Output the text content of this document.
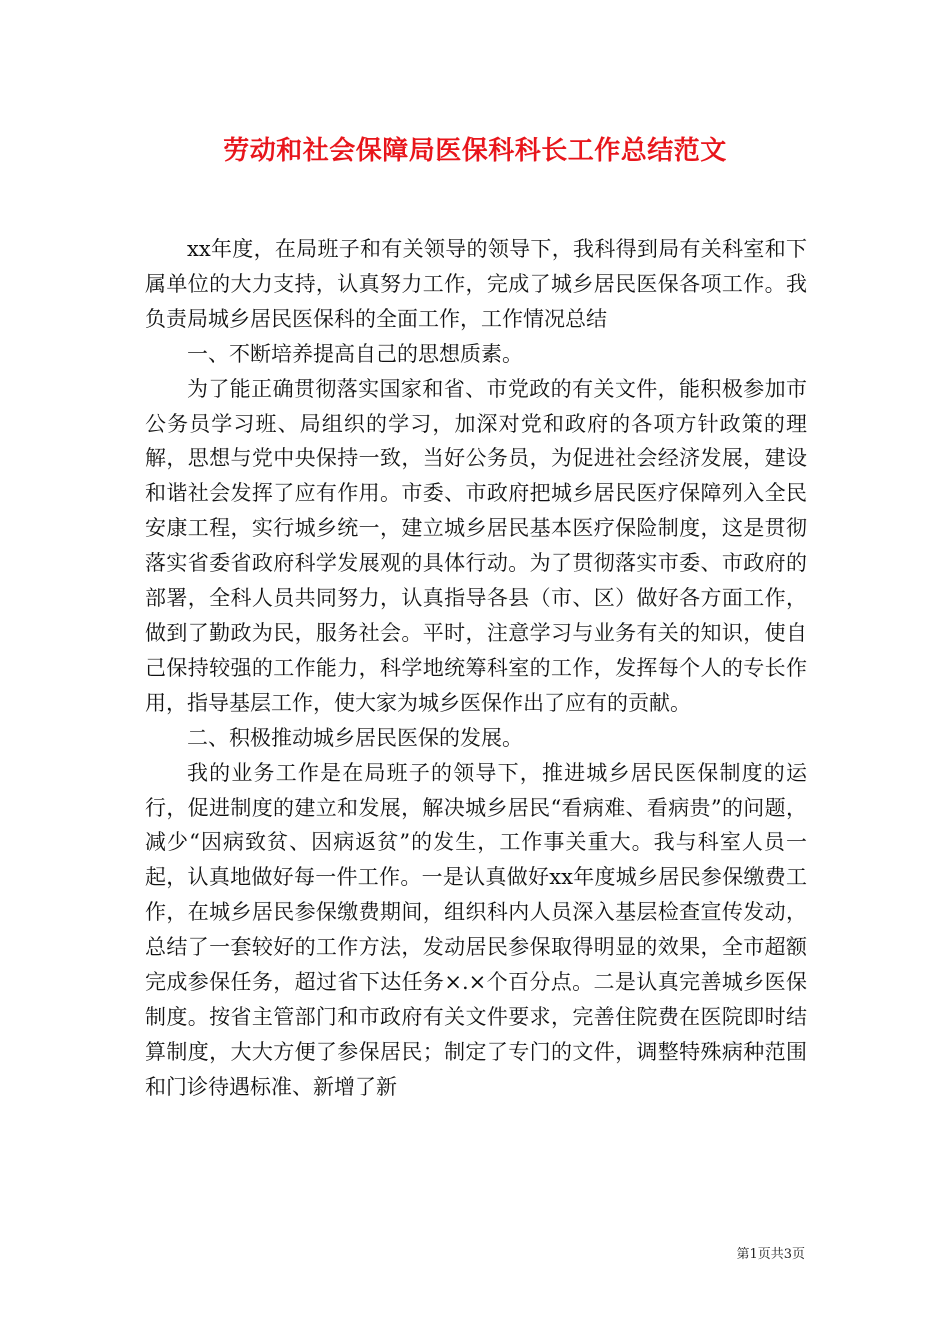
劳动和社会保障局医保科科长工作总结范文

xx年度，在局班子和有关领导的领导下，我科得到局有关科室和下属单位的大力支持，认真努力工作，完成了城乡居民医保各项工作。我负责局城乡居民医保科的全面工作，工作情况总结

一、不断培养提高自己的思想质素。

为了能正确贯彻落实国家和省、市党政的有关文件，能积极参加市公务员学习班、局组织的学习，加深对党和政府的各项方针政策的理解，思想与党中央保持一致，当好公务员，为促进社会经济发展，建设和谐社会发挥了应有作用。市委、市政府把城乡居民医疗保障列入全民安康工程，实行城乡统一，建立城乡居民基本医疗保险制度，这是贯彻落实省委省政府科学发展观的具体行动。为了贯彻落实市委、市政府的部署，全科人员共同努力，认真指导各县（市、区）做好各方面工作，做到了勤政为民，服务社会。平时，注意学习与业务有关的知识，使自己保持较强的工作能力，科学地统筹科室的工作，发挥每个人的专长作用，指导基层工作，使大家为城乡医保作出了应有的贡献。

二、积极推动城乡居民医保的发展。

我的业务工作是在局班子的领导下，推进城乡居民医保制度的运行，促进制度的建立和发展，解决城乡居民“看病难、看病贵”的问题，减少“因病致贫、因病返贫”的发生，工作事关重大。我与科室人员一起，认真地做好每一件工作。一是认真做好xx年度城乡居民参保缴费工作，在城乡居民参保缴费期间，组织科内人员深入基层检查宣传发动，总结了一套较好的工作方法，发动居民参保取得明显的效果，全市超额完成参保任务，超过省下达任务×.×个百分点。二是认真完善城乡医保制度。按省主管部门和市政府有关文件要求，完善住院费在医院即时结算制度，大大方便了参保居民；制定了专门的文件，调整特殊病种范围和门诊待遇标准、新增了新

第1页共3页
